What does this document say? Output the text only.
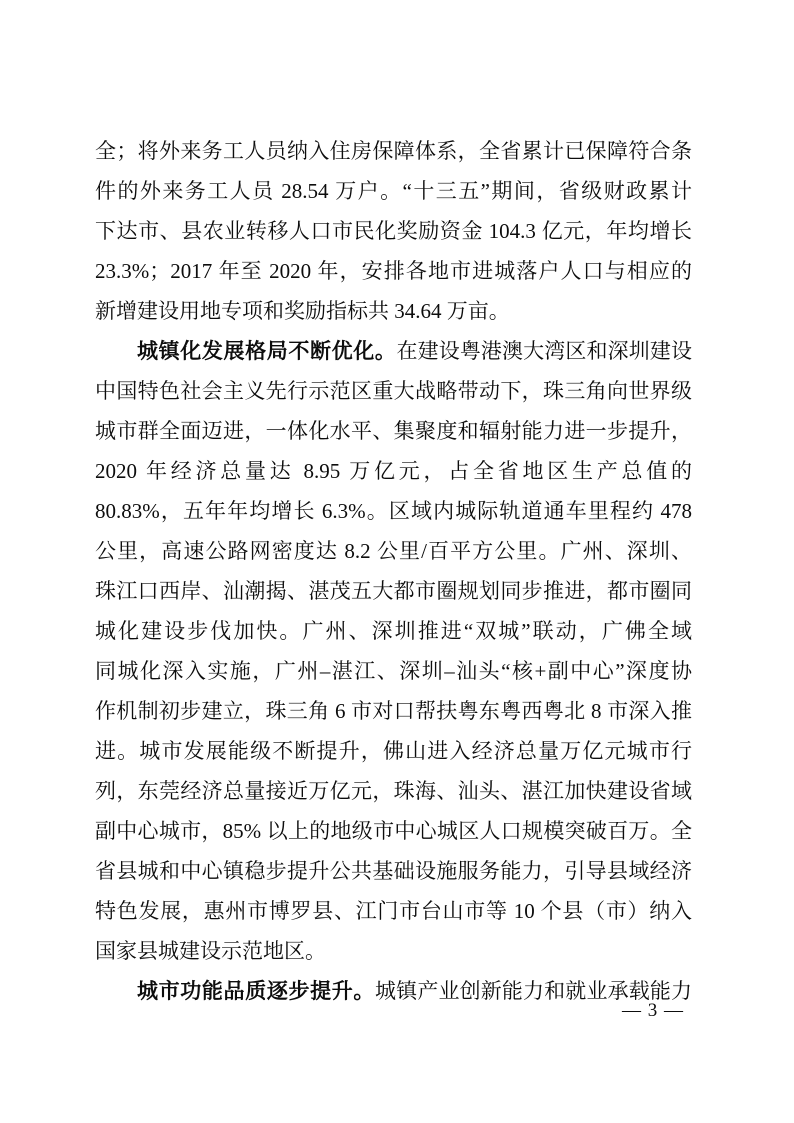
全；将外来务工人员纳入住房保障体系，全省累计已保障符合条
件的外来务工人员 28.54 万户。“十三五”期间，省级财政累计
下达市、县农业转移人口市民化奖励资金 104.3 亿元，年均增长
23.3%；2017 年至 2020 年，安排各地市进城落户人口与相应的
新增建设用地专项和奖励指标共 34.64 万亩。
城镇化发展格局不断优化。在建设粤港澳大湾区和深圳建设
中国特色社会主义先行示范区重大战略带动下，珠三角向世界级
城市群全面迈进，一体化水平、集聚度和辐射能力进一步提升，
2020 年经济总量达 8.95 万亿元，占全省地区生产总值的
80.83%，五年年均增长 6.3%。区域内城际轨道通车里程约 478
公里，高速公路网密度达 8.2 公里/百平方公里。广州、深圳、
珠江口西岸、汕潮揭、湛茂五大都市圈规划同步推进，都市圈同
城化建设步伐加快。广州、深圳推进“双城”联动，广佛全域
同城化深入实施，广州–湛江、深圳–汕头“核+副中心”深度协
作机制初步建立，珠三角 6 市对口帮扶粤东粤西粤北 8 市深入推
进。城市发展能级不断提升，佛山进入经济总量万亿元城市行
列，东莞经济总量接近万亿元，珠海、汕头、湛江加快建设省域
副中心城市，85% 以上的地级市中心城区人口规模突破百万。全
省县城和中心镇稳步提升公共基础设施服务能力，引导县域经济
特色发展，惠州市博罗县、江门市台山市等 10 个县（市）纳入
国家县城建设示范地区。
城市功能品质逐步提升。城镇产业创新能力和就业承载能力
— 3 —
